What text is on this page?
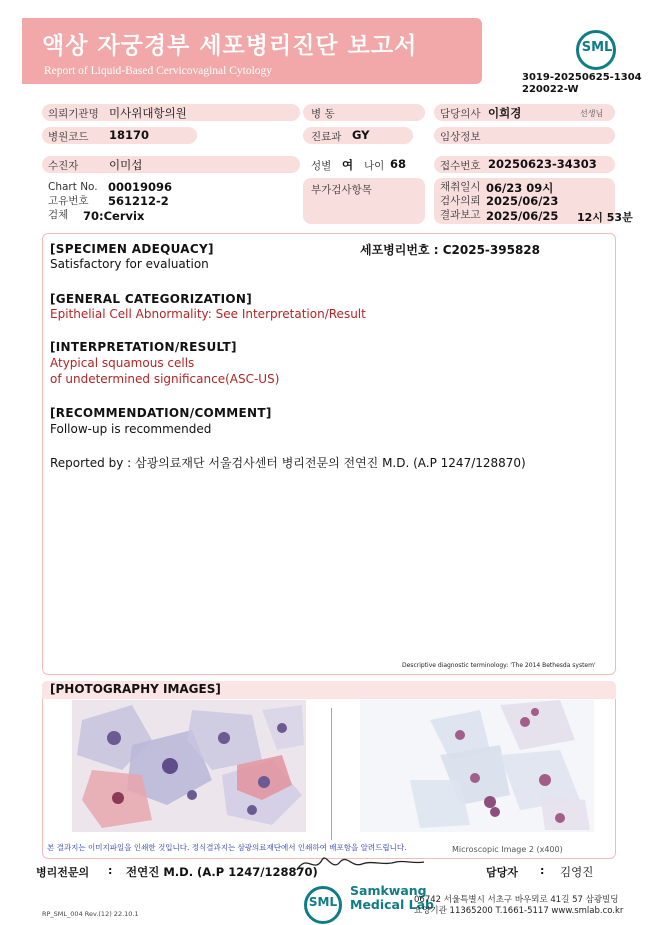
액상 자궁경부 세포병리진단 보고서
Report of Liquid-Based Cervicovaginal Cytology
SML
3019-20250625-1304
220022-W
의뢰기관명 미사위대항의원	병 동	담당의사 이희경	선생님
병원코드 18170	진료과 GY	임상정보
수진자	이미섭	성별 여 나이 68	접수번호 20250623-34303
Chart No. 00019096
고유번호 561212-2
검체 70:Cervix
부가검사항목	채취일시 06/23 09시
검사의뢰 2025/06/23
결과보고 2025/06/25 12시 53분
[SPECIMEN ADEQUACY]	세포병리번호 : C2025-395828
Satisfactory for evaluation
[GENERAL CATEGORIZATION]
Epithelial Cell Abnormality: See Interpretation/Result
[INTERPRETATION/RESULT]
Atypical squamous cells
of undetermined significance(ASC-US)
[RECOMMENDATION/COMMENT]
Follow-up is recommended
Reported by : 삼광의료재단 서울검사센터 병리전문의 전연진 M.D. (A.P 1247/128870)
Descriptive diagnostic terminology: 'The 2014 Bethesda system'
[PHOTOGRAPHY IMAGES]
본 결과지는 이미지파일을 인쇄한 것입니다. 정식결과지는 삼광의료재단에서 인쇄하여 배포함을 알려드립니다.	Microscopic Image 2 (x400)
병리전문의 : 전연진 M.D. (A.P 1247/128870)	담당자 : 김영진
SML
Samkwang
Medical Lab
06742 서울특별시 서초구 바우뫼로 41길 57 삼광빌딩
요양기관 11365200 T.1661-5117 www.smlab.co.kr
RP_SML_004 Rev.(12) 22.10.1
